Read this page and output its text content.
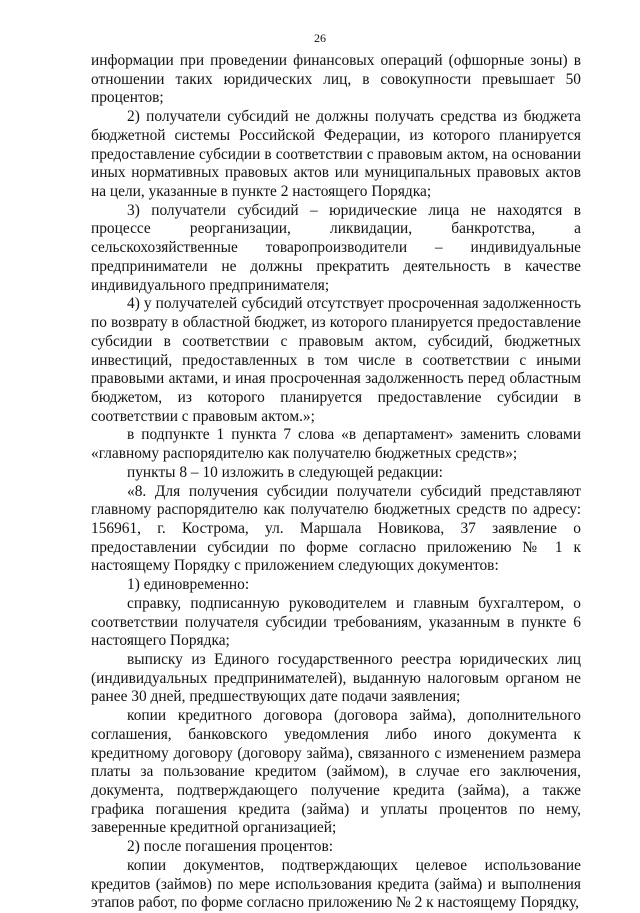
26

информации при проведении финансовых операций (офшорные зоны) в отношении таких юридических лиц, в совокупности превышает 50 процентов;

2) получатели субсидий не должны получать средства из бюджета бюджетной системы Российской Федерации, из которого планируется предоставление субсидии в соответствии с правовым актом, на основании иных нормативных правовых актов или муниципальных правовых актов на цели, указанные в пункте 2 настоящего Порядка;

3) получатели субсидий – юридические лица не находятся в процессе реорганизации, ликвидации, банкротства, а сельскохозяйственные товаропроизводители – индивидуальные предприниматели не должны прекратить деятельность в качестве индивидуального предпринимателя;

4) у получателей субсидий отсутствует просроченная задолженность по возврату в областной бюджет, из которого планируется предоставление субсидии в соответствии с правовым актом, субсидий, бюджетных инвестиций, предоставленных в том числе в соответствии с иными правовыми актами, и иная просроченная задолженность перед областным бюджетом, из которого планируется предоставление субсидии в соответствии с правовым актом.»;

в подпункте 1 пункта 7 слова «в департамент» заменить словами «главному распорядителю как получателю бюджетных средств»;

пункты 8 – 10 изложить в следующей редакции:

«8. Для получения субсидии получатели субсидий представляют главному распорядителю как получателю бюджетных средств по адресу: 156961, г. Кострома, ул. Маршала Новикова, 37 заявление о предоставлении субсидии по форме согласно приложению № 1 к настоящему Порядку с приложением следующих документов:

1) единовременно:

справку, подписанную руководителем и главным бухгалтером, о соответствии получателя субсидии требованиям, указанным в пункте 6 настоящего Порядка;

выписку из Единого государственного реестра юридических лиц (индивидуальных предпринимателей), выданную налоговым органом не ранее 30 дней, предшествующих дате подачи заявления;

копии кредитного договора (договора займа), дополнительного соглашения, банковского уведомления либо иного документа к кредитному договору (договору займа), связанного с изменением размера платы за пользование кредитом (займом), в случае его заключения, документа, подтверждающего получение кредита (займа), а также графика погашения кредита (займа) и уплаты процентов по нему, заверенные кредитной организацией;

2) после погашения процентов:

копии документов, подтверждающих целевое использование кредитов (займов) по мере использования кредита (займа) и выполнения этапов работ, по форме согласно приложению № 2 к настоящему Порядку,
